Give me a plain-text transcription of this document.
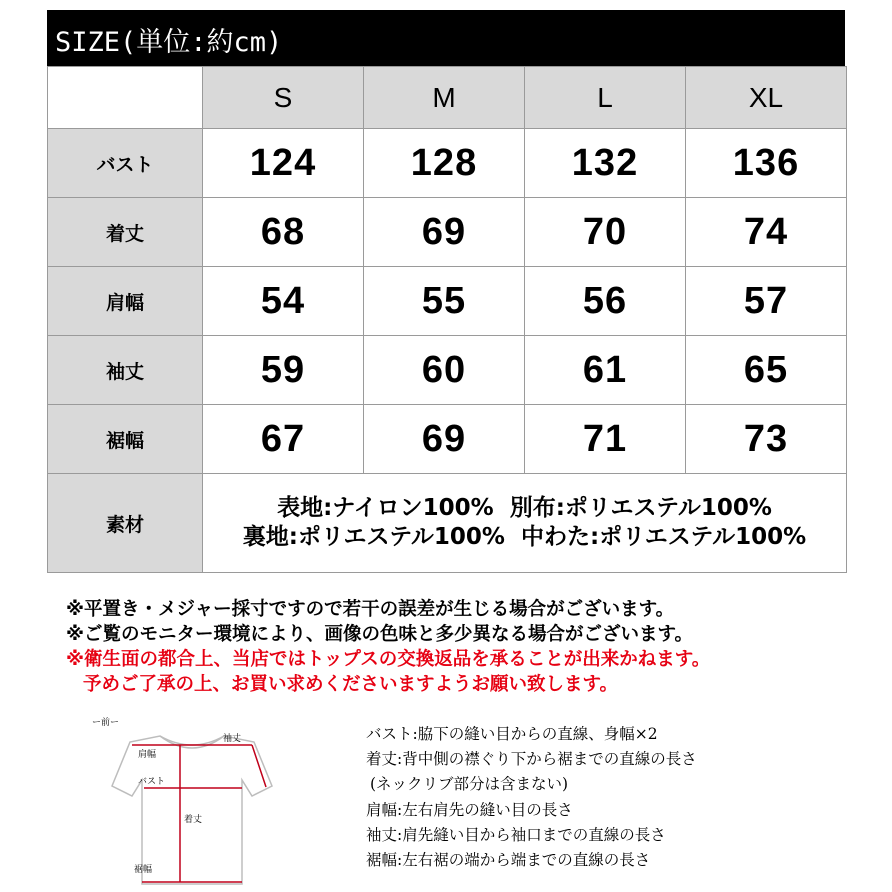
SIZE(単位:約cm)
	S	M	L	XL
バスト	124	128	132	136
着丈	68	69	70	74
肩幅	54	55	56	57
袖丈	59	60	61	65
裾幅	67	69	71	73
素材	表地:ナイロン100%  別布:ポリエステル100%
裏地:ポリエステル100%  中わた:ポリエステル100%			
※平置き・メジャー採寸ですので若干の誤差が生じる場合がございます。
※ご覧のモニター環境により、画像の色味と多少異なる場合がございます。
※衛生面の都合上、当店ではトップスの交換返品を承ることが出来かねます。
予めご了承の上、お買い求めくださいますようお願い致します。
ー前ー
肩幅
袖丈
バスト
着丈
裾幅
バスト:脇下の縫い目からの直線、身幅×2
着丈:背中側の襟ぐり下から裾までの直線の長さ
(ネックリブ部分は含まない)
肩幅:左右肩先の縫い目の長さ
袖丈:肩先縫い目から袖口までの直線の長さ
裾幅:左右裾の端から端までの直線の長さ
